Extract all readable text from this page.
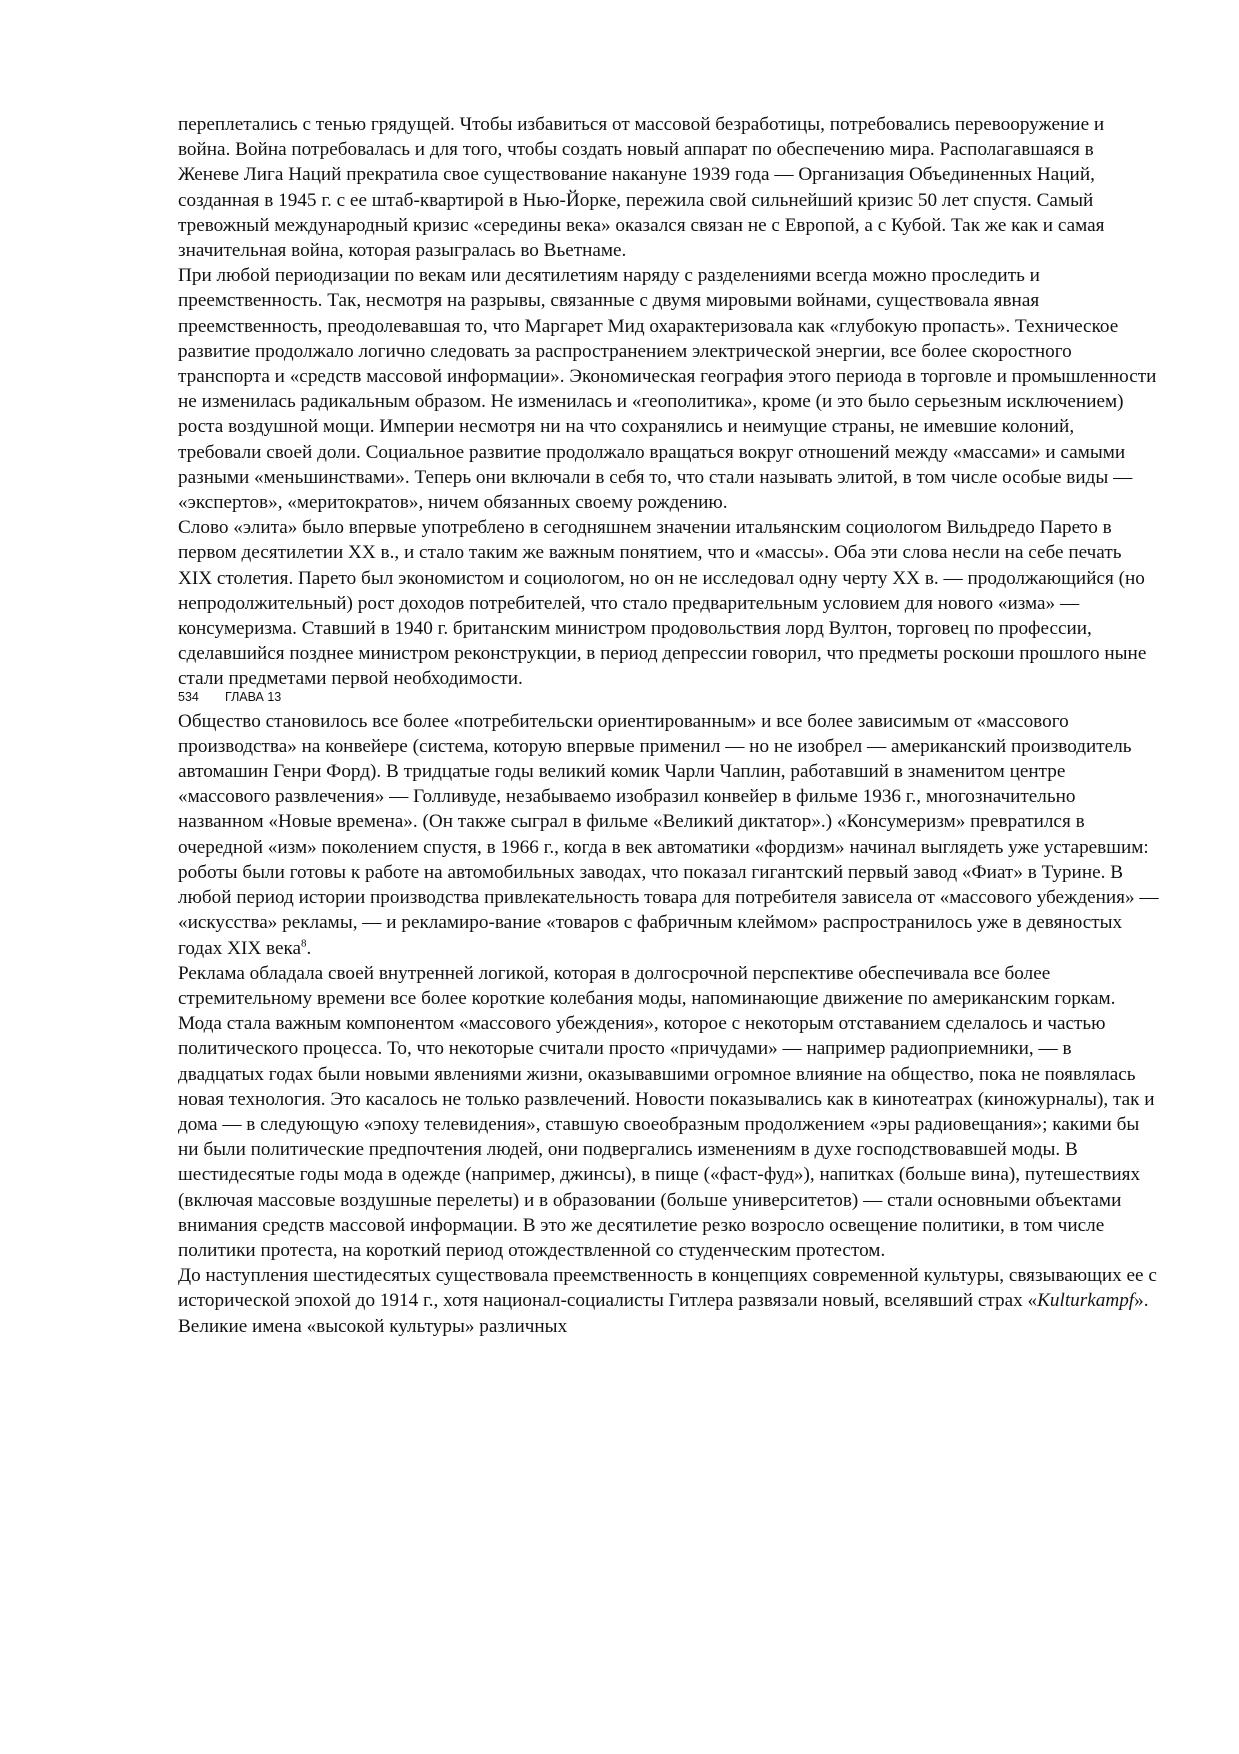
переплетались с тенью грядущей. Чтобы избавиться от массовой безработицы, потребовались перевооружение и война. Война потребовалась и для того, чтобы создать новый аппарат по обеспечению мира. Располагавшаяся в Женеве Лига Наций прекратила свое существование накануне 1939 года — Организация Объединенных Наций, созданная в 1945 г. с ее штаб-квартирой в Нью-Йорке, пережила свой сильнейший кризис 50 лет спустя. Самый тревожный международный кризис «середины века» оказался связан не с Европой, а с Кубой. Так же как и самая значительная война, которая разыгралась во Вьетнаме.

При любой периодизации по векам или десятилетиям наряду с разделениями всегда можно проследить и преемственность. Так, несмотря на разрывы, связанные с двумя мировыми войнами, существовала явная преемственность, преодолевавшая то, что Маргарет Мид охарактеризовала как «глубокую пропасть». Техническое развитие продолжало логично следовать за распространением электрической энергии, все более скоростного транспорта и «средств массовой информации». Экономическая география этого периода в торговле и промышленности не изменилась радикальным образом. Не изменилась и «геополитика», кроме (и это было серьезным исключением) роста воздушной мощи. Империи несмотря ни на что сохранялись и неимущие страны, не имевшие колоний, требовали своей доли. Социальное развитие продолжало вращаться вокруг отношений между «массами» и самыми разными «меньшинствами». Теперь они включали в себя то, что стали называть элитой, в том числе особые виды — «экспертов», «меритократов», ничем обязанных своему рождению.

Слово «элита» было впервые употреблено в сегодняшнем значении итальянским социологом Вильдредо Парето в первом десятилетии XX в., и стало таким же важным понятием, что и «массы». Оба эти слова несли на себе печать XIX столетия. Парето был экономистом и социологом, но он не исследовал одну черту XX в. — продолжающийся (но непродолжительный) рост доходов потребителей, что стало предварительным условием для нового «изма» — консумеризма. Ставший в 1940 г. британским министром продовольствия лорд Вултон, торговец по профессии, сделавшийся позднее министром реконструкции, в период депрессии говорил, что предметы роскоши прошлого ныне стали предметами первой необходимости.

534 ГЛАВА 13

Общество становилось все более «потребительски ориентированным» и все более зависимым от «массового производства» на конвейере (система, которую впервые применил — но не изобрел — американский производитель автомашин Генри Форд). В тридцатые годы великий комик Чарли Чаплин, работавший в знаменитом центре «массового развлечения» — Голливуде, незабываемо изобразил конвейер в фильме 1936 г., многозначительно названном «Новые времена». (Он также сыграл в фильме «Великий диктатор».) «Консумеризм» превратился в очередной «изм» поколением спустя, в 1966 г., когда в век автоматики «фордизм» начинал выглядеть уже устаревшим: роботы были готовы к работе на автомобильных заводах, что показал гигантский первый завод «Фиат» в Турине. В любой период истории производства привлекательность товара для потребителя зависела от «массового убеждения» — «искусства» рекламы, — и рекламиро-вание «товаров с фабричным клеймом» распространилось уже в девяностых годах XIX века$^8$.

Реклама обладала своей внутренней логикой, которая в долгосрочной перспективе обеспечивала все более стремительному времени все более короткие колебания моды, напоминающие движение по американским горкам. Мода стала важным компонентом «массового убеждения», которое с некоторым отставанием сделалось и частью политического процесса. То, что некоторые считали просто «причудами» — например радиоприемники, — в двадцатых годах были новыми явлениями жизни, оказывавшими огромное влияние на общество, пока не появлялась новая технология. Это касалось не только развлечений. Новости показывались как в кинотеатрах (киножурналы), так и дома — в следующую «эпоху телевидения», ставшую своеобразным продолжением «эры радиовещания»; какими бы ни были политические предпочтения людей, они подвергались изменениям в духе господствовавшей моды. В шестидесятые годы мода в одежде (например, джинсы), в пище («фаст-фуд»), напитках (больше вина), путешествиях (включая массовые воздушные перелеты) и в образовании (больше университетов) — стали основными объектами внимания средств массовой информации. В это же десятилетие резко возросло освещение политики, в том числе политики протеста, на короткий период отождествленной со студенческим протестом.

До наступления шестидесятых существовала преемственность в концепциях современной культуры, связывающих ее с исторической эпохой до 1914 г., хотя национал-социалисты Гитлера развязали новый, вселявший страх «Kulturkampf». Великие имена «высокой культуры» различных
